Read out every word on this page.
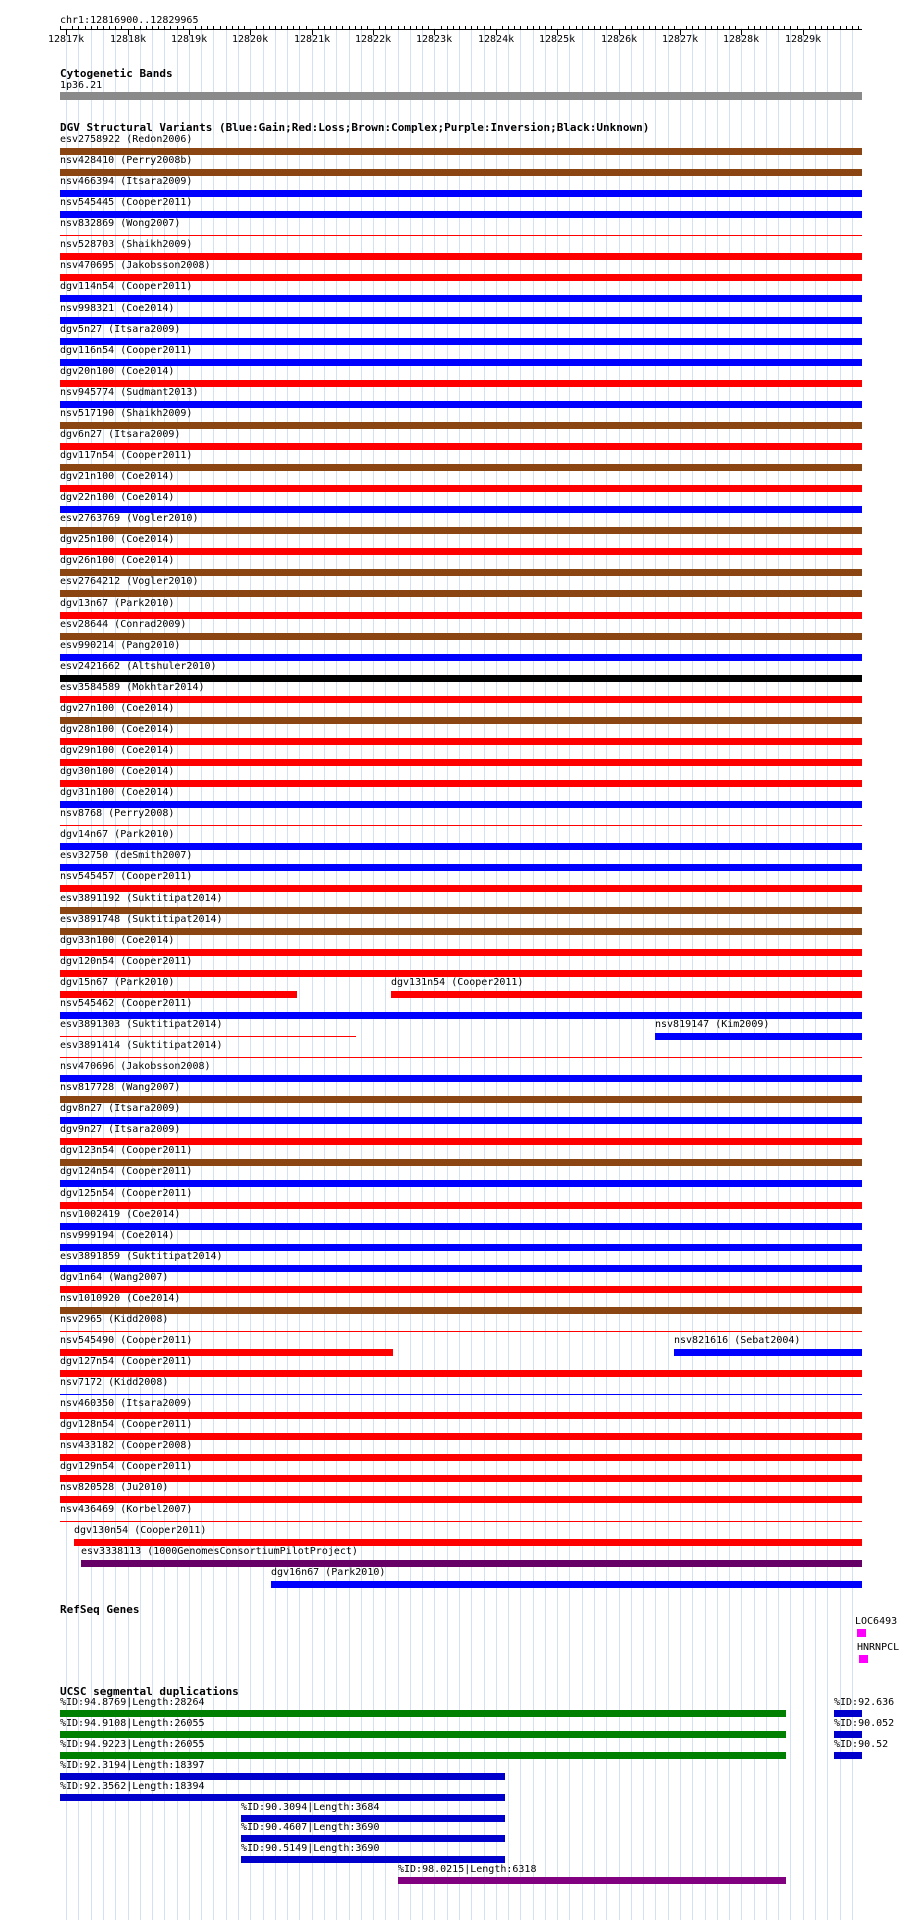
chr1:12816900..12829965
12817k	12818k 12819k 12820k	12821k 12822k 12823k	12824k 12825k	12826k 12827k 12828k	12829k
Cytogenetic Bands
1p36.21
DGV Structural Variants (Blue:Gain;Red:Loss;Brown:Complex;Purple:Inversion;Black:Unknown)
esv2758922 (Redon2006)
nsv428410 (Perry2008b)
nsv466394 (Itsara2009)
nsv545445 (Cooper2011)
nsv832869 (Wong2007)
nsv528703 (Shaikh2009)
nsv470695 (Jakobsson2008)
dgv114n54 (Cooper2011)
nsv998321 (Coe2014)
dgv5n27 (Itsara2009)
dgv116n54 (Cooper2011)
dgv20n100 (Coe2014)
nsv945774 (Sudmant2013)
nsv517190 (Shaikh2009)
dgv6n27 (Itsara2009)
dgv117n54 (Cooper2011)
dgv21n100 (Coe2014)
dgv22n100 (Coe2014)
esv2763769 (Vogler2010)
dgv25n100 (Coe2014)
dgv26n100 (Coe2014)
esv2764212 (Vogler2010)
dgv13n67 (Park2010)
esv28644 (Conrad2009)
esv990214 (Pang2010)
esv2421662 (Altshuler2010)
esv3584589 (Mokhtar2014)
dgv27n100 (Coe2014)
dgv28n100 (Coe2014)
dgv29n100 (Coe2014)
dgv30n100 (Coe2014)
dgv31n100 (Coe2014)
nsv8768 (Perry2008)
dgv14n67 (Park2010)
esv32750 (deSmith2007)
nsv545457 (Cooper2011)
esv3891192 (Suktitipat2014)
esv3891748 (Suktitipat2014)
dgv33n100 (Coe2014)
dgv120n54 (Cooper2011)
dgv15n67 (Park2010)	dgv131n54 (Cooper2011)
nsv545462 (Cooper2011)
esv3891303 (Suktitipat2014)	nsv819147 (Kim2009)
esv3891414 (Suktitipat2014)
nsv470696 (Jakobsson2008)
nsv817728 (Wang2007)
dgv8n27 (Itsara2009)
dgv9n27 (Itsara2009)
dgv123n54 (Cooper2011)
dgv124n54 (Cooper2011)
dgv125n54 (Cooper2011)
nsv1002419 (Coe2014)
nsv999194 (Coe2014)
esv3891859 (Suktitipat2014)
dgv1n64 (Wang2007)
nsv1010920 (Coe2014)
nsv2965 (Kidd2008)
nsv545490 (Cooper2011)	nsv821616 (Sebat2004)
dgv127n54 (Cooper2011)
nsv7172 (Kidd2008)
nsv460350 (Itsara2009)
dgv128n54 (Cooper2011)
nsv433182 (Cooper2008)
dgv129n54 (Cooper2011)
nsv820528 (Ju2010)
nsv436469 (Korbel2007)
dgv130n54 (Cooper2011)
esv3338113 (1000GenomesConsortiumPilotProject)
dgv16n67 (Park2010)
RefSeq Genes
LOC6493
HNRNPCL
UCSC segmental duplications
%ID:94.8769|Length:28264
%ID:94.9108|Length:26055
%ID:94.9223|Length:26055
%ID:92.3194|Length:18397
%ID:92.3562|Length:18394
%ID:90.3094|Length:3684
%ID:90.4607|Length:3690
%ID:90.5149|Length:3690
%ID:98.0215|Length:6318
%ID:92.636
%ID:90.052
%ID:90.52
